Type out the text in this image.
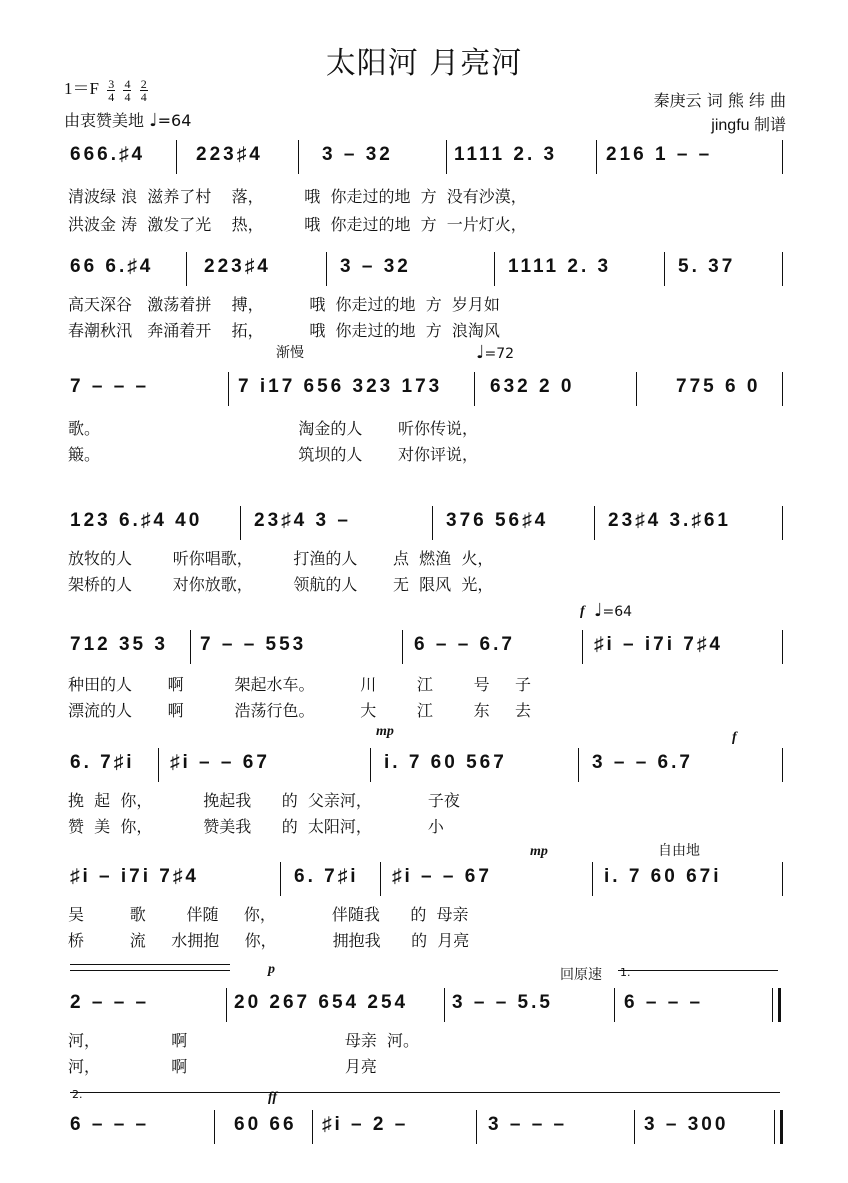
太阳河 月亮河
$1=F \frac{3}{4}$
$\frac{4}{4}$
$\frac{2}{4}$
由衷赞美地 ♩=64
秦庚云 词 熊 纬 曲
jingfu 制谱
666.♯4	223♯4	3 – 32	1111 2. 3	216 1 – –
清波绿 浪  滋养了村    落，        哦  你走过的地  方  没有沙漠，
洪波金 涛  激发了光    热，        哦  你走过的地  方  一片灯火，
66 6.♯4	223♯4	3 – 32	1111 2. 3	5. 37
高天深谷   激荡着拼    搏，         哦  你走过的地  方  岁月如
春潮秋汛   奔涌着开    拓，         哦  你走过的地  方  浪淘风
渐慢	♩=72
7 – – –	7 i17 656 323 173	632 2 0	775 6 0
歌。                                       淘金的人       听你传说，
簸。                                       筑坝的人       对你评说，
123 6.♯4 40	23♯4 3 –	376 56♯4	23♯4 3.♯61
放牧的人        听你唱歌，        打渔的人       点  燃渔  火，
架桥的人        对你放歌，        领航的人       无  限风  光，
f ♩=64
712 35 3 7 – – 553	6 – – 6.7	♯i – i7i 7♯4
种田的人       啊          架起水车。         川        江        号     子
漂流的人       啊          浩荡行色。         大        江        东     去
mp	f
6. 7♯i ♯i – – 67	i. 7 60 567	3 – – 6.7
挽  起  你，          挽起我      的  父亲河，           子夜
赞  美  你，          赞美我      的  太阳河，           小
mp	自由地
♯i – i7i 7♯4	6. 7♯i ♯i – – 67	i. 7 60 67i
吴         歌        伴随     你，           伴随我      的  母亲
桥         流     水拥抱     你，           拥抱我      的  月亮
p	回原速 1.
2 – – –	20 267 654 254 3 – – 5.5	6 – – –
河，              啊                               母亲  河。
河，              啊                               月亮
2.	ff
6 – – –	60 66 ♯i – 2 –	3 – – –	3 – 300
